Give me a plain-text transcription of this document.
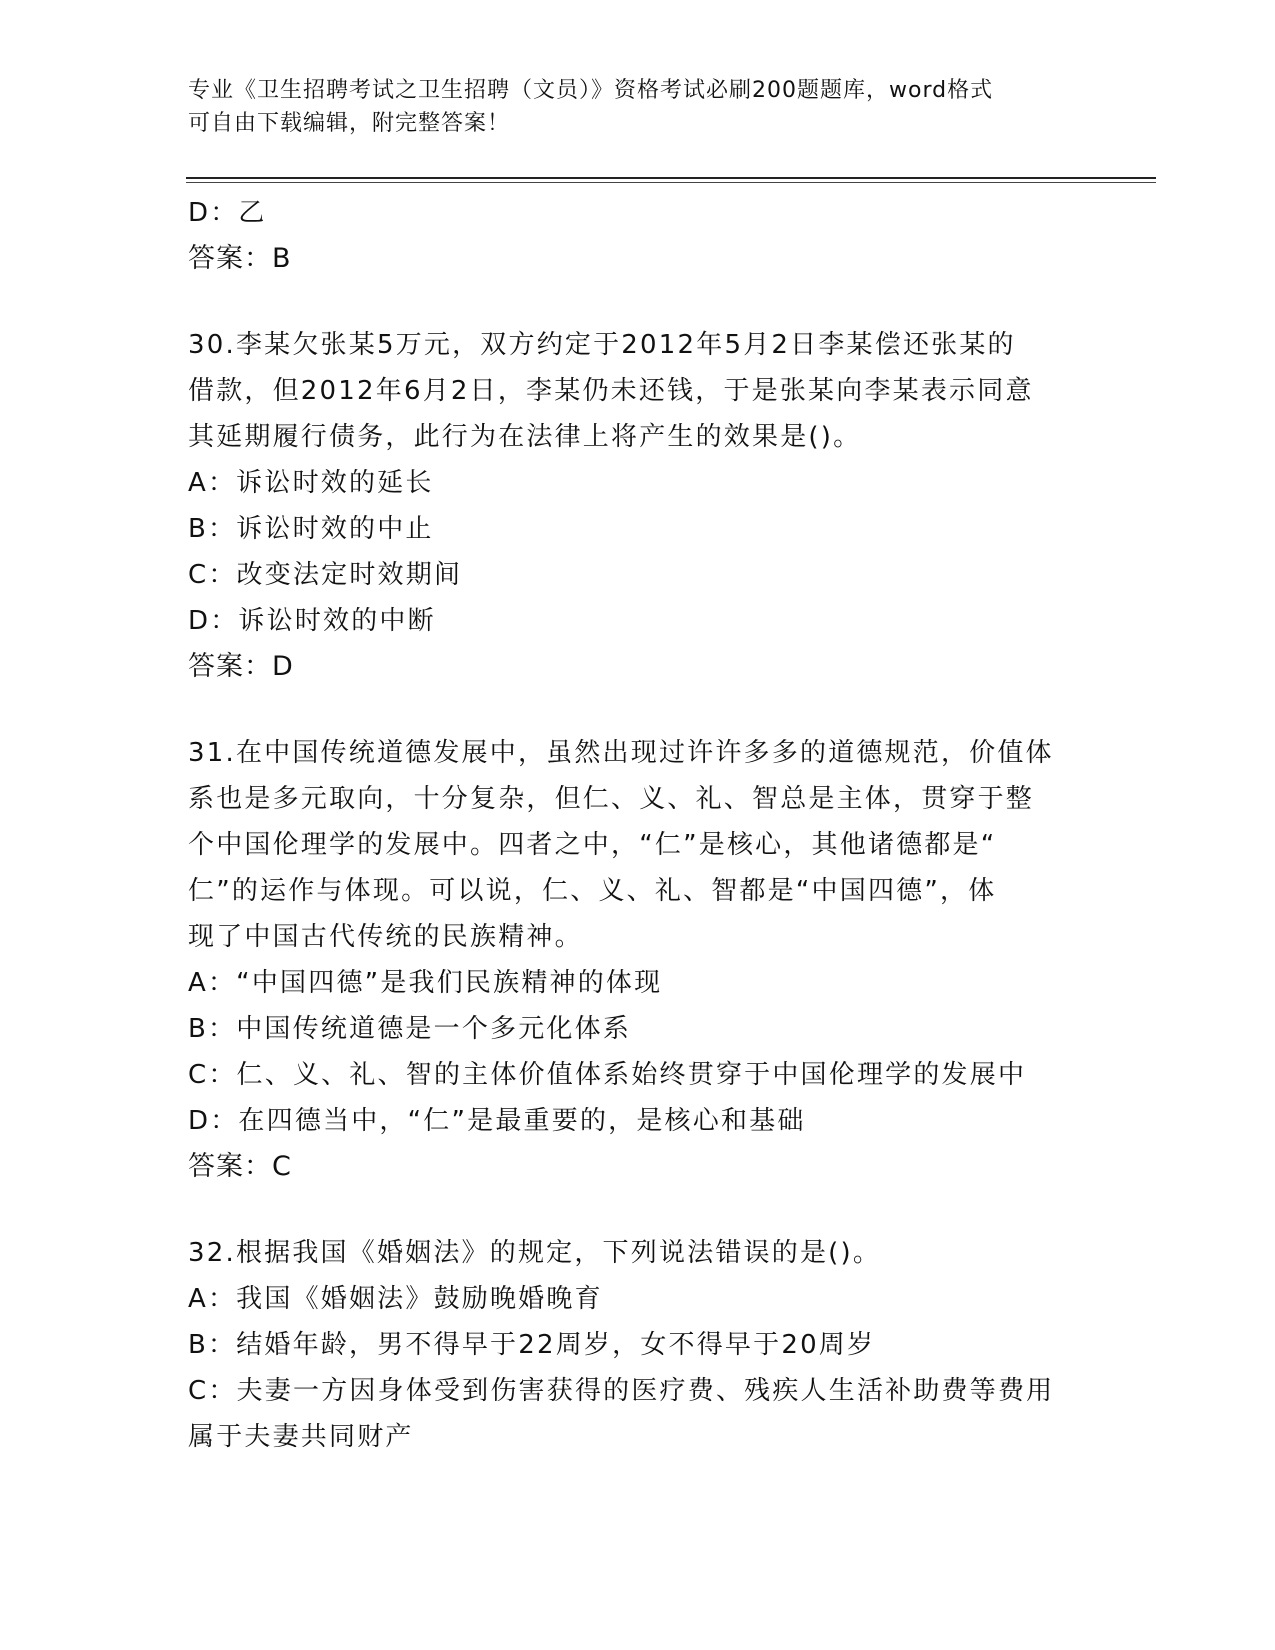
专业《卫生招聘考试之卫生招聘（文员）》资格考试必刷200题题库，word格式
可自由下载编辑，附完整答案！
D：乙
答案：B
30.李某欠张某5万元，双方约定于2012年5月2日李某偿还张某的
借款，但2012年6月2日，李某仍未还钱，于是张某向李某表示同意
其延期履行债务，此行为在法律上将产生的效果是()。
A：诉讼时效的延长
B：诉讼时效的中止
C：改变法定时效期间
D：诉讼时效的中断
答案：D
31.在中国传统道德发展中，虽然出现过许许多多的道德规范，价值体
系也是多元取向，十分复杂，但仁、义、礼、智总是主体，贯穿于整
个中国伦理学的发展中。四者之中，“仁”是核心，其他诸德都是“
仁”的运作与体现。可以说，仁、义、礼、智都是“中国四德”，体
现了中国古代传统的民族精神。
A：“中国四德”是我们民族精神的体现
B：中国传统道德是一个多元化体系
C：仁、义、礼、智的主体价值体系始终贯穿于中国伦理学的发展中
D：在四德当中，“仁”是最重要的，是核心和基础
答案：C
32.根据我国《婚姻法》的规定，下列说法错误的是()。
A：我国《婚姻法》鼓励晚婚晚育
B：结婚年龄，男不得早于22周岁，女不得早于20周岁
C：夫妻一方因身体受到伤害获得的医疗费、残疾人生活补助费等费用
属于夫妻共同财产
